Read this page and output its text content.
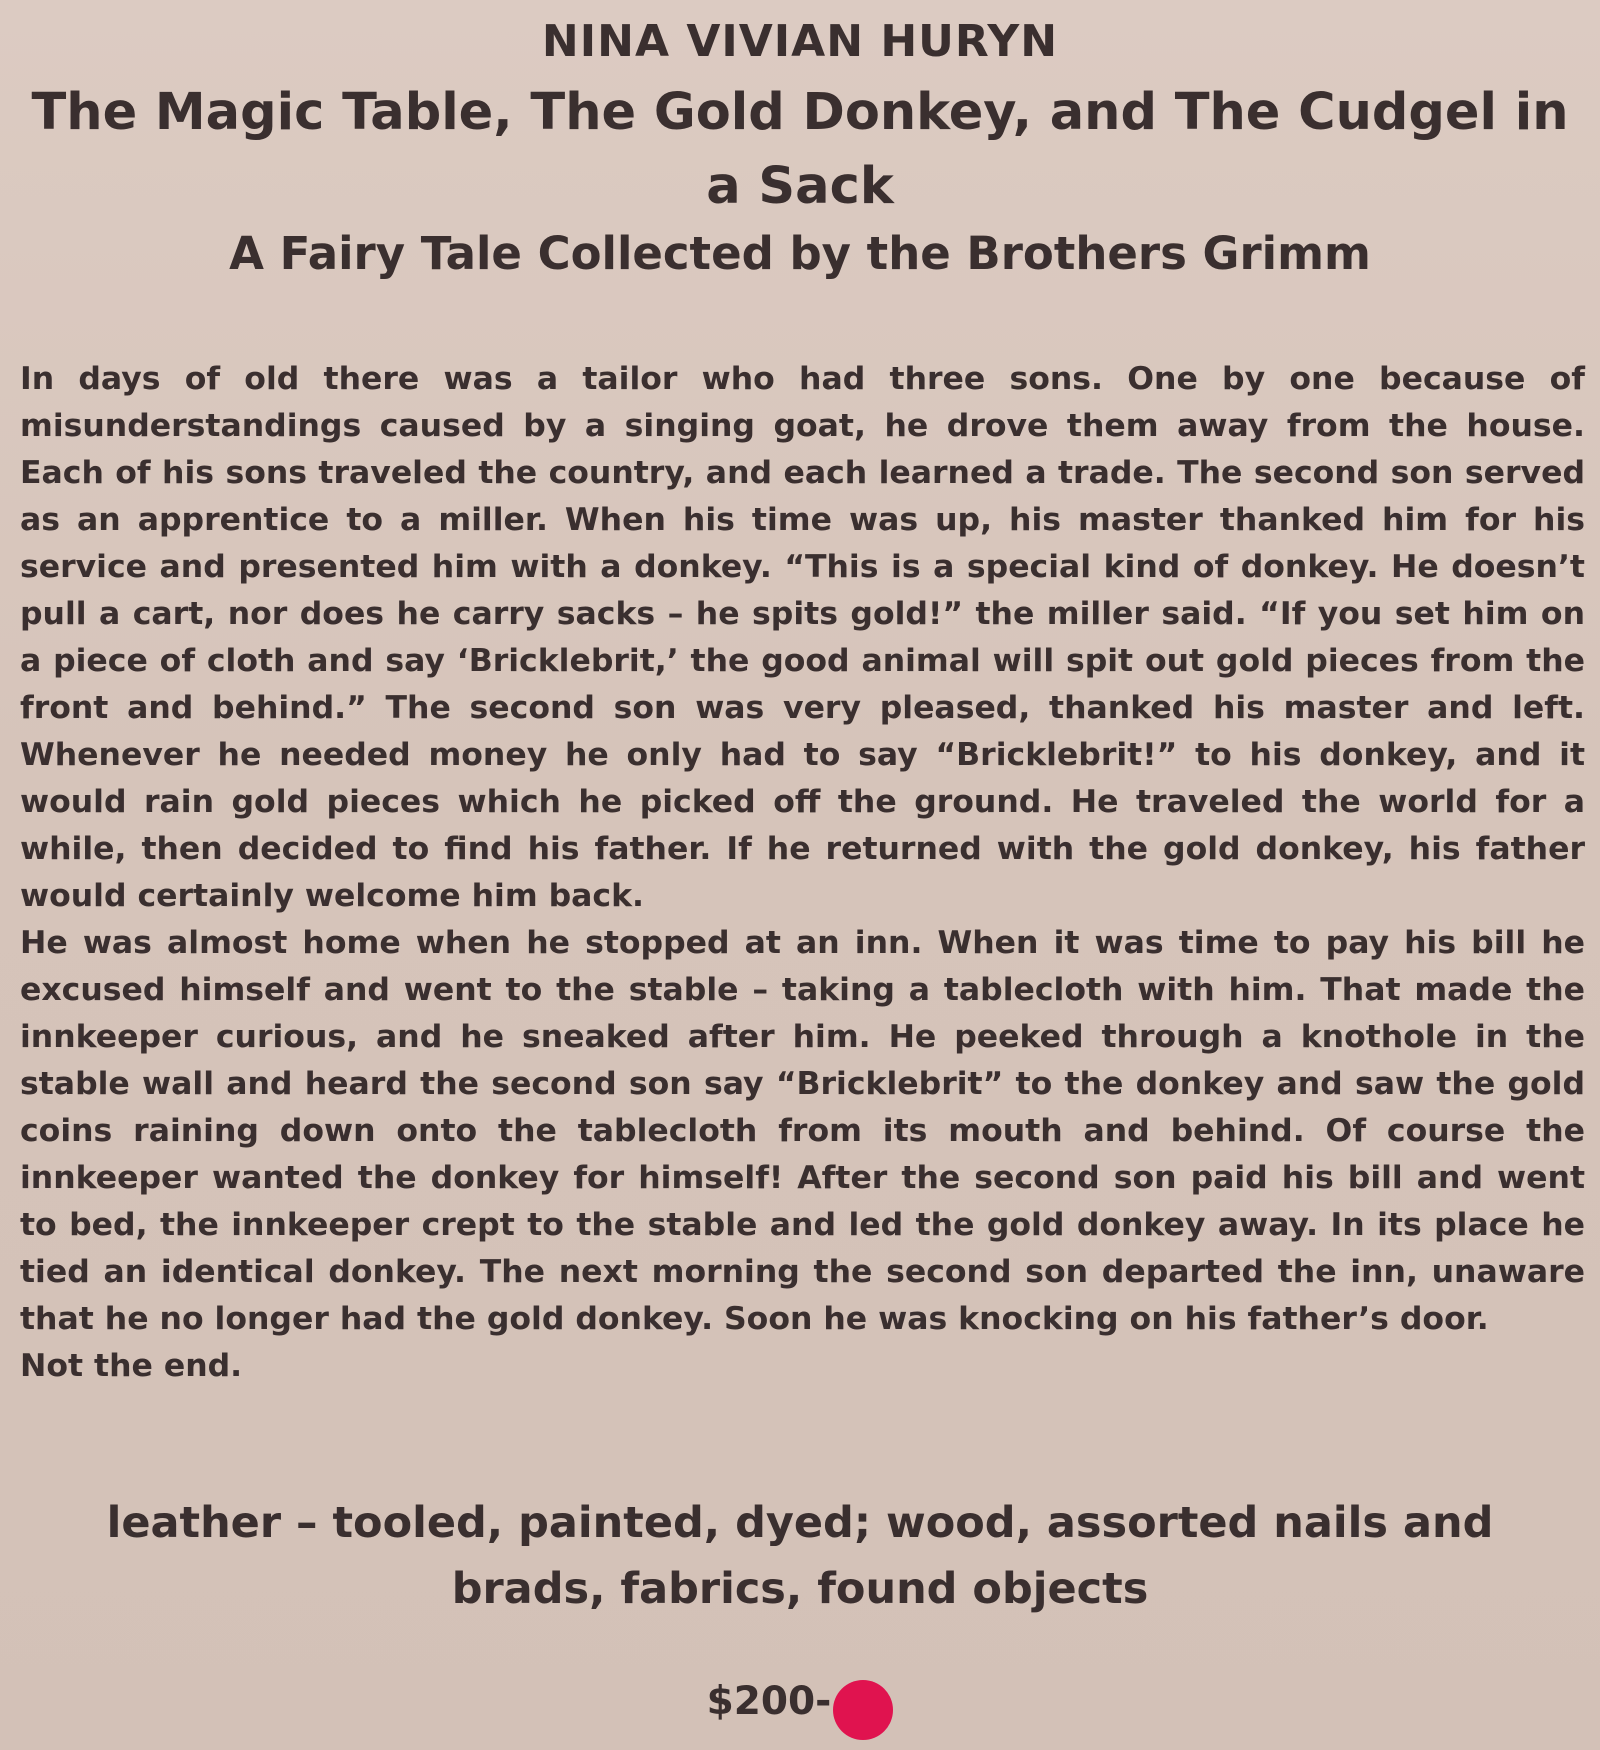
NINA VIVIAN HURYN
The Magic Table, The Gold Donkey, and The Cudgel in a Sack
A Fairy Tale Collected by the Brothers Grimm

In days of old there was a tailor who had three sons. One by one because of misunderstandings caused by a singing goat, he drove them away from the house. Each of his sons traveled the country, and each learned a trade. The second son served as an apprentice to a miller. When his time was up, his master thanked him for his service and presented him with a donkey. “This is a special kind of donkey. He doesn’t pull a cart, nor does he carry sacks – he spits gold!” the miller said. “If you set him on a piece of cloth and say ‘Bricklebrit,’ the good animal will spit out gold pieces from the front and behind.” The second son was very pleased, thanked his master and left. Whenever he needed money he only had to say “Bricklebrit!” to his donkey, and it would rain gold pieces which he picked off the ground. He traveled the world for a while, then decided to find his father. If he returned with the gold donkey, his father would certainly welcome him back.

He was almost home when he stopped at an inn. When it was time to pay his bill he excused himself and went to the stable – taking a tablecloth with him. That made the innkeeper curious, and he sneaked after him. He peeked through a knothole in the stable wall and heard the second son say “Bricklebrit” to the donkey and saw the gold coins raining down onto the tablecloth from its mouth and behind. Of course the innkeeper wanted the donkey for himself! After the second son paid his bill and went to bed, the innkeeper crept to the stable and led the gold donkey away. In its place he tied an identical donkey. The next morning the second son departed the inn, unaware that he no longer had the gold donkey. Soon he was knocking on his father’s door.

Not the end.

leather – tooled, painted, dyed; wood, assorted nails and brads, fabrics, found objects
$200-
